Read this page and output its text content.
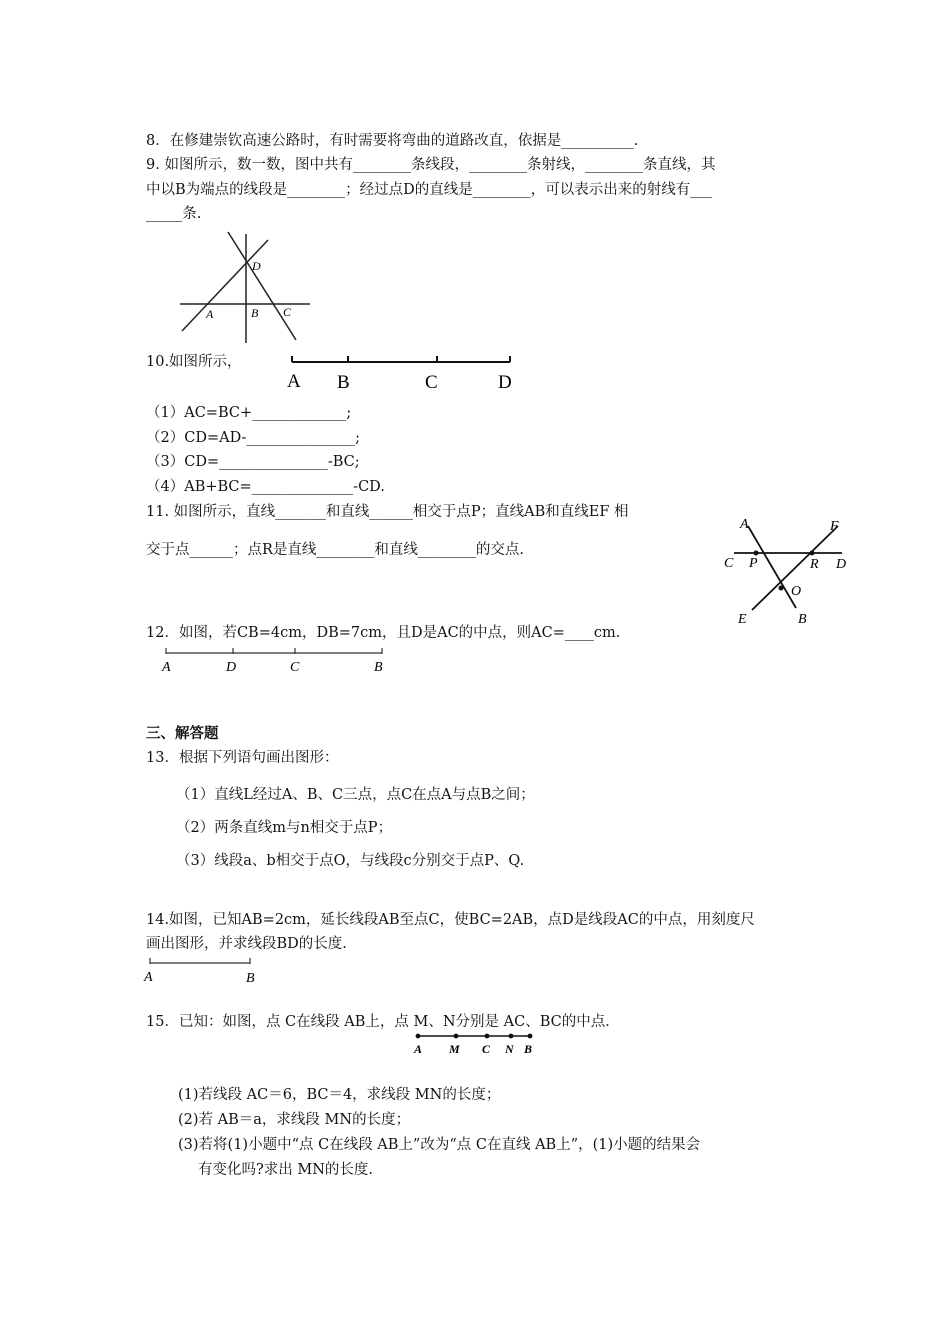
8．在修建崇钦高速公路时，有时需要将弯曲的道路改直，依据是__________.
9. 如图所示，数一数，图中共有________条线段，________条射线，________条直线，其
中以B为端点的线段是________；经过点D的直线是________，可以表示出来的射线有___
_____条.
D
A	B C
10.如图所示，
A B	C	D
（1）AC=BC+_____________;
（2）CD=AD-_______________;
（3）CD=_______________-BC;
（4）AB+BC=______________-CD.
11. 如图所示，直线_______和直线______相交于点P；直线AB和直线EF 相
交于点______；点R是直线________和直线________的交点.
A	F
C P	R D
O
E	B
12．如图，若CB=4cm，DB=7cm，且D是AC的中点，则AC=____cm.
A	D	C	B
三、解答题
13．根据下列语句画出图形：
（1）直线L经过A、B、C三点，点C在点A与点B之间；
（2）两条直线m与n相交于点P；
（3）线段a、b相交于点O，与线段c分别交于点P、Q.
14.如图，已知AB=2cm，延长线段AB至点C，使BC=2AB，点D是线段AC的中点，用刻度尺
画出图形，并求线段BD的长度.
A	B
15．已知：如图，点 C在线段 AB上，点 M、N分别是 AC、BC的中点．
A M C N B
(1)若线段 AC＝6，BC＝4，求线段 MN的长度；
(2)若 AB＝a，求线段 MN的长度；
(3)若将(1)小题中“点 C在线段 AB上”改为“点 C在直线 AB上”，(1)小题的结果会
有变化吗?求出 MN的长度.
